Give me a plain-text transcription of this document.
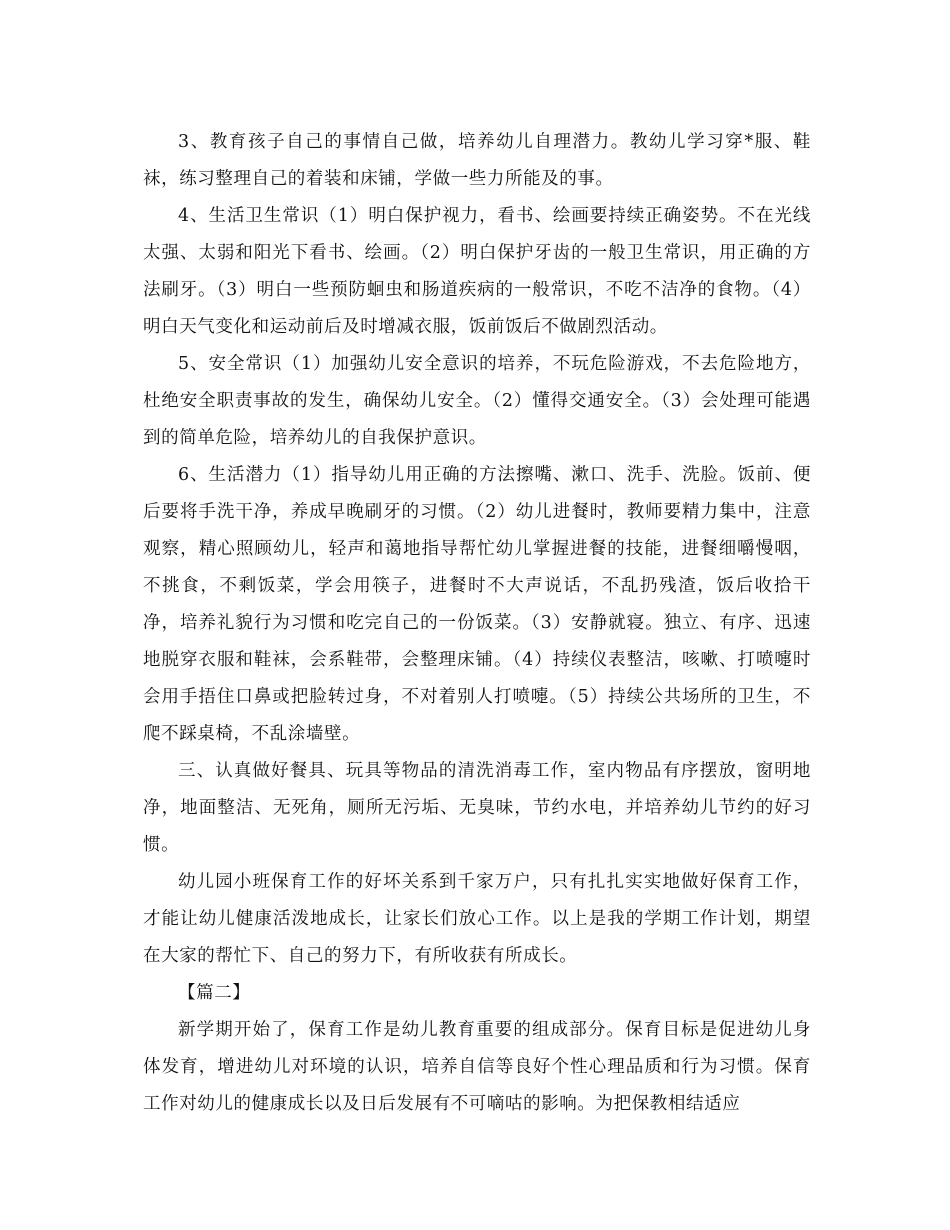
3、教育孩子自己的事情自己做，培养幼儿自理潜力。教幼儿学习穿*服、鞋袜，练习整理自己的着装和床铺，学做一些力所能及的事。

4、生活卫生常识（1）明白保护视力，看书、绘画要持续正确姿势。不在光线太强、太弱和阳光下看书、绘画。（2）明白保护牙齿的一般卫生常识，用正确的方法刷牙。（3）明白一些预防蛔虫和肠道疾病的一般常识，不吃不洁净的食物。（4）明白天气变化和运动前后及时增减衣服，饭前饭后不做剧烈活动。

5、安全常识（1）加强幼儿安全意识的培养，不玩危险游戏，不去危险地方，杜绝安全职责事故的发生，确保幼儿安全。（2）懂得交通安全。（3）会处理可能遇到的简单危险，培养幼儿的自我保护意识。

6、生活潜力（1）指导幼儿用正确的方法擦嘴、漱口、洗手、洗脸。饭前、便后要将手洗干净，养成早晚刷牙的习惯。（2）幼儿进餐时，教师要精力集中，注意观察，精心照顾幼儿，轻声和蔼地指导帮忙幼儿掌握进餐的技能，进餐细嚼慢咽，不挑食，不剩饭菜，学会用筷子，进餐时不大声说话，不乱扔残渣，饭后收拾干净，培养礼貌行为习惯和吃完自己的一份饭菜。（3）安静就寝。独立、有序、迅速地脱穿衣服和鞋袜，会系鞋带，会整理床铺。（4）持续仪表整洁，咳嗽、打喷嚏时会用手捂住口鼻或把脸转过身，不对着别人打喷嚏。（5）持续公共场所的卫生，不爬不踩桌椅，不乱涂墙壁。

三、认真做好餐具、玩具等物品的清洗消毒工作，室内物品有序摆放，窗明地净，地面整洁、无死角，厕所无污垢、无臭味，节约水电，并培养幼儿节约的好习惯。

幼儿园小班保育工作的好坏关系到千家万户，只有扎扎实实地做好保育工作，才能让幼儿健康活泼地成长，让家长们放心工作。以上是我的学期工作计划，期望在大家的帮忙下、自己的努力下，有所收获有所成长。

【篇二】

新学期开始了，保育工作是幼儿教育重要的组成部分。保育目标是促进幼儿身体发育，增进幼儿对环境的认识，培养自信等良好个性心理品质和行为习惯。保育工作对幼儿的健康成长以及日后发展有不可嘀咕的影响。为把保教相结适应
